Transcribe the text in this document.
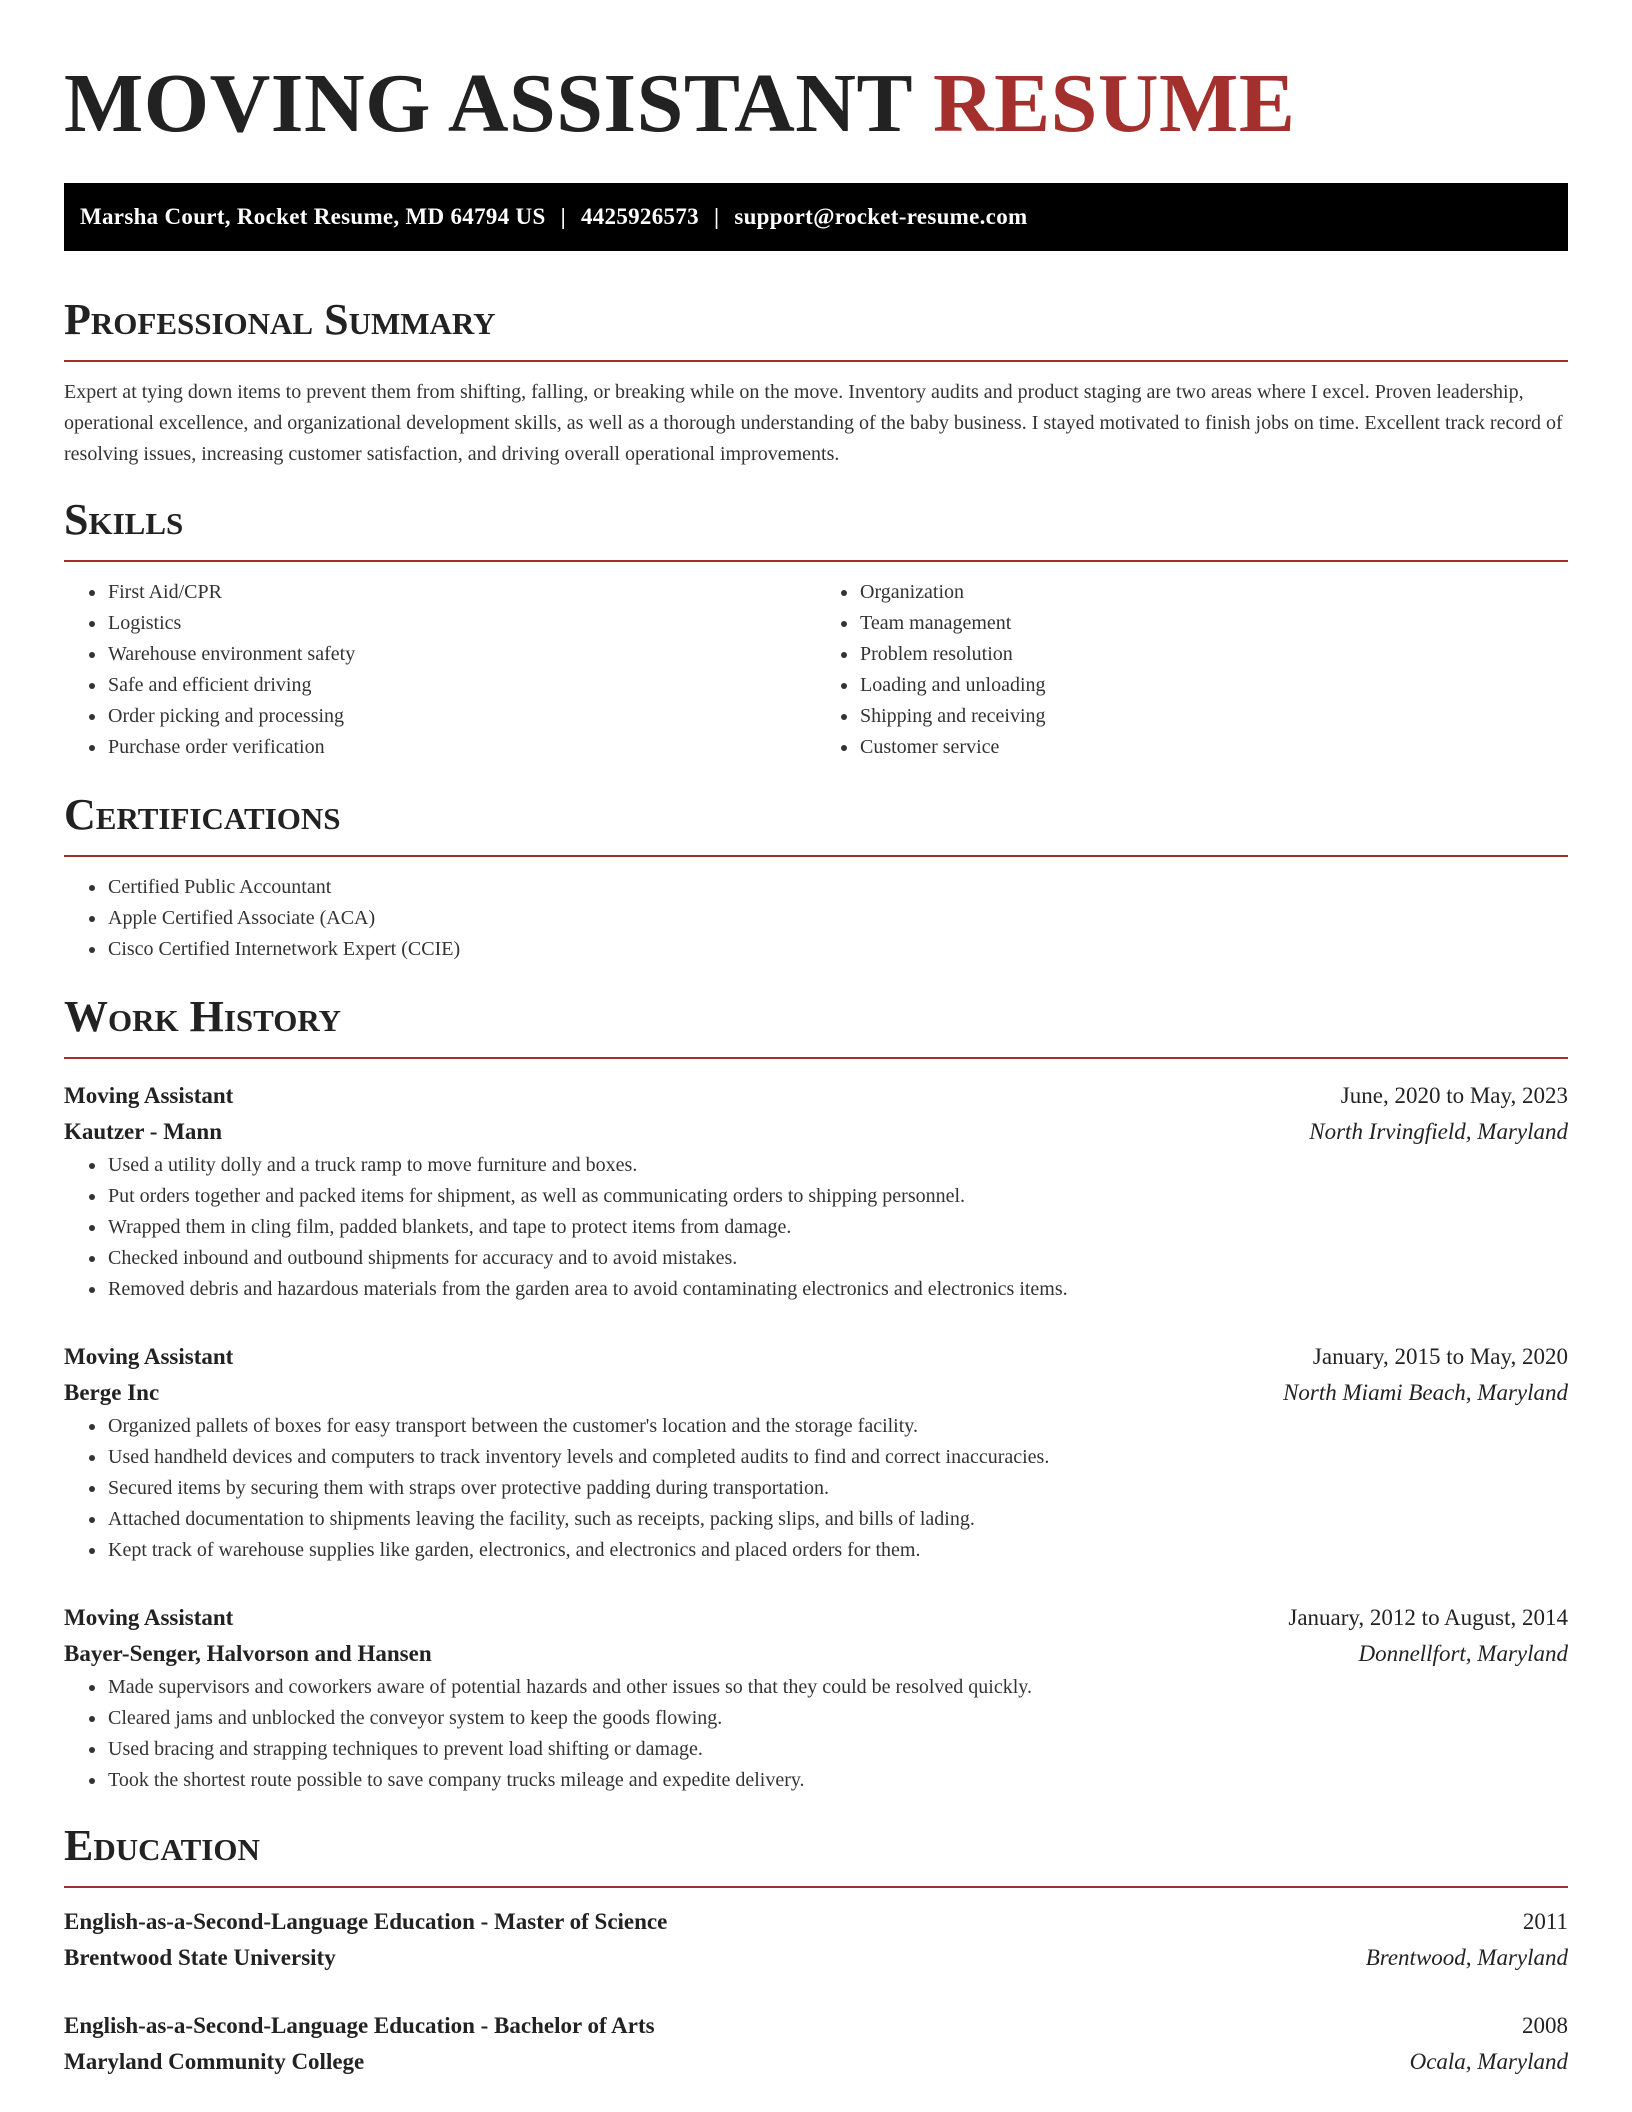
MOVING ASSISTANT RESUME
Marsha Court, Rocket Resume, MD 64794 US | 4425926573 | support@rocket-resume.com
Professional Summary

Expert at tying down items to prevent them from shifting, falling, or breaking while on the move. Inventory audits and product staging are two areas where I excel. Proven leadership, operational excellence, and organizational development skills, as well as a thorough understanding of the baby business. I stayed motivated to finish jobs on time. Excellent track record of resolving issues, increasing customer satisfaction, and driving overall operational improvements.

Skills
• First Aid/CPR
• Logistics
• Warehouse environment safety
• Safe and efficient driving
• Order picking and processing
• Purchase order verification
• Organization
• Team management
• Problem resolution
• Loading and unloading
• Shipping and receiving
• Customer service
Certifications
• Certified Public Accountant
• Apple Certified Associate (ACA)
• Cisco Certified Internetwork Expert (CCIE)
Work History
Moving Assistant	June, 2020 to May, 2023
Kautzer - Mann	North Irvingfield, Maryland
• Used a utility dolly and a truck ramp to move furniture and boxes.
• Put orders together and packed items for shipment, as well as communicating orders to shipping personnel.
• Wrapped them in cling film, padded blankets, and tape to protect items from damage.
• Checked inbound and outbound shipments for accuracy and to avoid mistakes.
• Removed debris and hazardous materials from the garden area to avoid contaminating electronics and electronics items.
Moving Assistant	January, 2015 to May, 2020
Berge Inc	North Miami Beach, Maryland
• Organized pallets of boxes for easy transport between the customer's location and the storage facility.
• Used handheld devices and computers to track inventory levels and completed audits to find and correct inaccuracies.
• Secured items by securing them with straps over protective padding during transportation.
• Attached documentation to shipments leaving the facility, such as receipts, packing slips, and bills of lading.
• Kept track of warehouse supplies like garden, electronics, and electronics and placed orders for them.
Moving Assistant	January, 2012 to August, 2014
Bayer-Senger, Halvorson and Hansen	Donnellfort, Maryland
• Made supervisors and coworkers aware of potential hazards and other issues so that they could be resolved quickly.
• Cleared jams and unblocked the conveyor system to keep the goods flowing.
• Used bracing and strapping techniques to prevent load shifting or damage.
• Took the shortest route possible to save company trucks mileage and expedite delivery.
Education
English-as-a-Second-Language Education - Master of Science	2011
Brentwood State University	Brentwood, Maryland
English-as-a-Second-Language Education - Bachelor of Arts	2008
Maryland Community College	Ocala, Maryland
